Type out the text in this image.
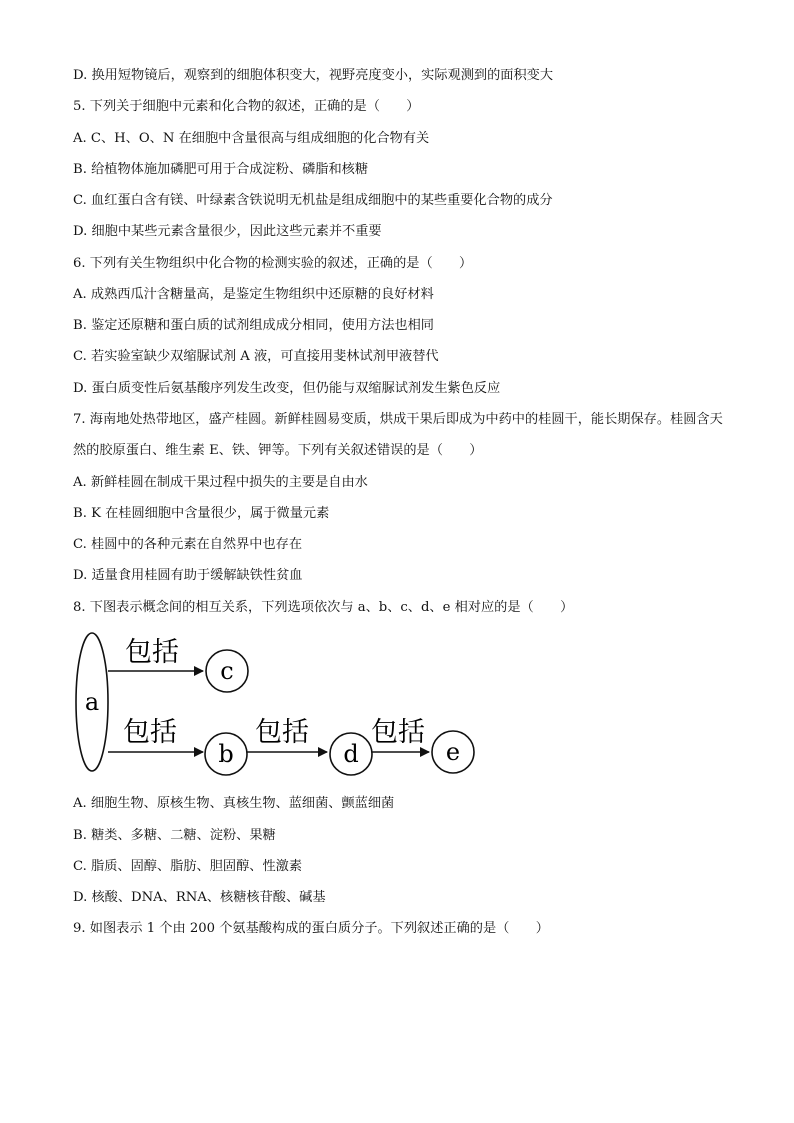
D. 换用短物镜后，观察到的细胞体积变大，视野亮度变小，实际观测到的面积变大
5. 下列关于细胞中元素和化合物的叙述，正确的是（　　）
A. C、H、O、N 在细胞中含量很高与组成细胞的化合物有关
B. 给植物体施加磷肥可用于合成淀粉、磷脂和核糖
C. 血红蛋白含有镁、叶绿素含铁说明无机盐是组成细胞中的某些重要化合物的成分
D. 细胞中某些元素含量很少，因此这些元素并不重要
6. 下列有关生物组织中化合物的检测实验的叙述，正确的是（　　）
A. 成熟西瓜汁含糖量高，是鉴定生物组织中还原糖的良好材料
B. 鉴定还原糖和蛋白质的试剂组成成分相同，使用方法也相同
C. 若实验室缺少双缩脲试剂 A 液，可直接用斐林试剂甲液替代
D. 蛋白质变性后氨基酸序列发生改变，但仍能与双缩脲试剂发生紫色反应
7. 海南地处热带地区，盛产桂圆。新鲜桂圆易变质，烘成干果后即成为中药中的桂圆干，能长期保存。桂圆含天然的胶原蛋白、维生素 E、铁、钾等。下列有关叙述错误的是（　　）
A. 新鲜桂圆在制成干果过程中损失的主要是自由水
B. K 在桂圆细胞中含量很少，属于微量元素
C. 桂圆中的各种元素在自然界中也存在
D. 适量食用桂圆有助于缓解缺铁性贫血
8. 下图表示概念间的相互关系，下列选项依次与 a、b、c、d、e 相对应的是（　　）
a
包括
c
包括
b
包括
d
包括
e
A. 细胞生物、原核生物、真核生物、蓝细菌、颤蓝细菌
B. 糖类、多糖、二糖、淀粉、果糖
C. 脂质、固醇、脂肪、胆固醇、性激素
D. 核酸、DNA、RNA、核糖核苷酸、碱基
9. 如图表示 1 个由 200 个氨基酸构成的蛋白质分子。下列叙述正确的是（　　）
